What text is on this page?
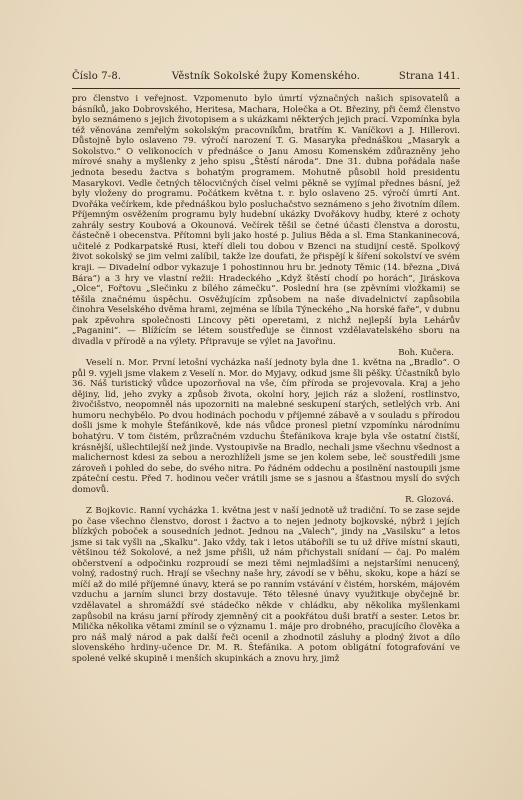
Číslo 7-8.	Věstník Sokolské župy Komenského.	Strana 141.

pro členstvo i veřejnost. Vzpomenuto bylo úmrtí význačných našich spisovatelů a básníků, jako Dobrovského, Heritesa, Machara, Holečka a Ot. Březiny, při čemž členstvo bylo seznámeno s jejich životopisem a s ukázkami některých jejich prací. Vzpomínka byla též věnována zemřelým sokolským pracovníkům, bratřím K. Vaníčkovi a J. Hillerovi. Důstojně bylo oslaveno 79. výročí narození T. G. Masaryka přednáškou „Masaryk a Sokolstvo.“ O velikonocích v přednášce o Janu Amosu Komenském zdůrazněny jeho mírové snahy a myšlenky z jeho spisu „Štěstí národa“. Dne 31. dubna pořádala naše jednota besedu žactva s bohatým programem. Mohutně působil hold presidentu Masarykovi. Vedle četných tělocvičných čísel velmi pěkně se vyjímal přednes básní, jež byly vloženy do programu. Počátkem května t. r. bylo oslaveno 25. výročí úmrtí Ant. Dvořáka večírkem, kde přednáškou bylo posluchačstvo seznámeno s jeho životním dílem. Příjemným osvěžením programu byly hudební ukázky Dvořákovy hudby, které z ochoty zahrály sestry Koubová a Okounová. Večírek těšil se četné účasti členstva a dorostu, částečně i obecenstva. Přítomni byli jako hosté p. Julius Běda a sl. Ema Stankaninecová, učitelé z Podkarpatské Rusi, kteří dleli tou dobou v Bzenci na studijní cestě. Spolkový život sokolský se jim velmi zalíbil, takže lze doufati, že přispějí k šíření sokolství ve svém kraji. — Divadelní odbor vykazuje 1 pohostinnou hru br. jednoty Těmic (14. března „Divá Bára“) a 3 hry ve vlastní režii: Hradeckého „Když štěstí chodí po horách“, Jiráskova „Olce“, Fořtovu „Slečinku z bílého zámečku“. Poslední hra (se zpěvními vložkami) se těšila značnému úspěchu. Osvěžujícím způsobem na naše divadelnictví zapůsobila činohra Veselského dvěma hrami, zejména se líbila Týneckého „Na horské faře“, v dubnu pak zpěvohra společnosti Lincovy pěti operetami, z nichž nejlepší byla Lehárův „Paganini“. — Blížícím se létem soustřeďuje se činnost vzdělavatelského sboru na divadla v přírodě a na výlety. Připravuje se výlet na Javořinu.

Boh. Kučera.

Veselí n. Mor. První letošní vycházka naší jednoty byla dne 1. května na „Bradlo“. O půl 9. vyjeli jsme vlakem z Veselí n. Mor. do Myjavy, odkud jsme šli pěšky. Účastníků bylo 36. Náš turistický vůdce upozorňoval na vše, čím příroda se projevovala. Kraj a jeho dějiny, lid, jeho zvyky a způsob života, okolní hory, jejich ráz a složení, rostlinstvo, živočišstvo, neopomněl nás upozorniti na malebné seskupení starých, setlelých vrb. Ani humoru nechybělo. Po dvou hodinách pochodu v příjemné zábavě a v souladu s přírodou došli jsme k mohyle Štefánikově, kde nás vůdce pronesl pietní vzpomínku národnímu bohatýru. V tom čistém, průzračném vzduchu Štefánikova kraje byla vše ostatní čistší, krásnější, ušlechtilejší než jinde. Vystoupivše na Bradlo, nechali jsme všechnu všednost a malichernost kdesi za sebou a nerozhlíželi jsme se jen kolem sebe, leč soustředili jsme zároveň i pohled do sebe, do svého nitra. Po řádném oddechu a posilnění nastoupili jsme zpáteční cestu. Před 7. hodinou večer vrátili jsme se s jasnou a šťastnou myslí do svých domovů.

R. Glozová.

Z Bojkovic. Ranní vycházka 1. května jest v naší jednotě už tradiční. To se zase sejde po čase všechno členstvo, dorost i žactvo a to nejen jednoty bojkovské, nýbrž i jejích blízkých poboček a sousedních jednot. Jednou na „Valech“, jindy na „Vasilsku“ a letos jsme si tak vyšli na „Skalku“. Jako vždy, tak i letos utábořili se tu už dříve místní skauti, většinou též Sokolové, a než jsme přišli, už nám přichystali snídaní — čaj. Po malém občerstvení a odpočinku rozproudí se mezi těmi nejmladšími a nejstaršími nenucený, volný, radostný ruch. Hrají se všechny naše hry, závodí se v běhu, skoku, kope a hází se míčí až do milé příjemné únavy, která se po ranním vstávání v čistém, horském, májovém vzduchu a jarním slunci brzy dostavuje. Této tělesné únavy využitkuje obyčejně br. vzdělavatel a shromáždí své stádečko někde v chládku, aby několika myšlenkami zapůsobil na krásu jarní přírody zjemněný cit a pookřátou duši bratří a sester. Letos br. Milička několika větami zmínil se o významu 1. máje pro drobného, pracujícího člověka a pro náš malý národ a pak další řeči ocenil a zhodnotil zásluhy a plodný život a dílo slovenského hrdiny-učence Dr. M. R. Štefánika. A potom obligátní fotografování ve spolené velké skupině i menších skupinkách a znovu hry, jimž
